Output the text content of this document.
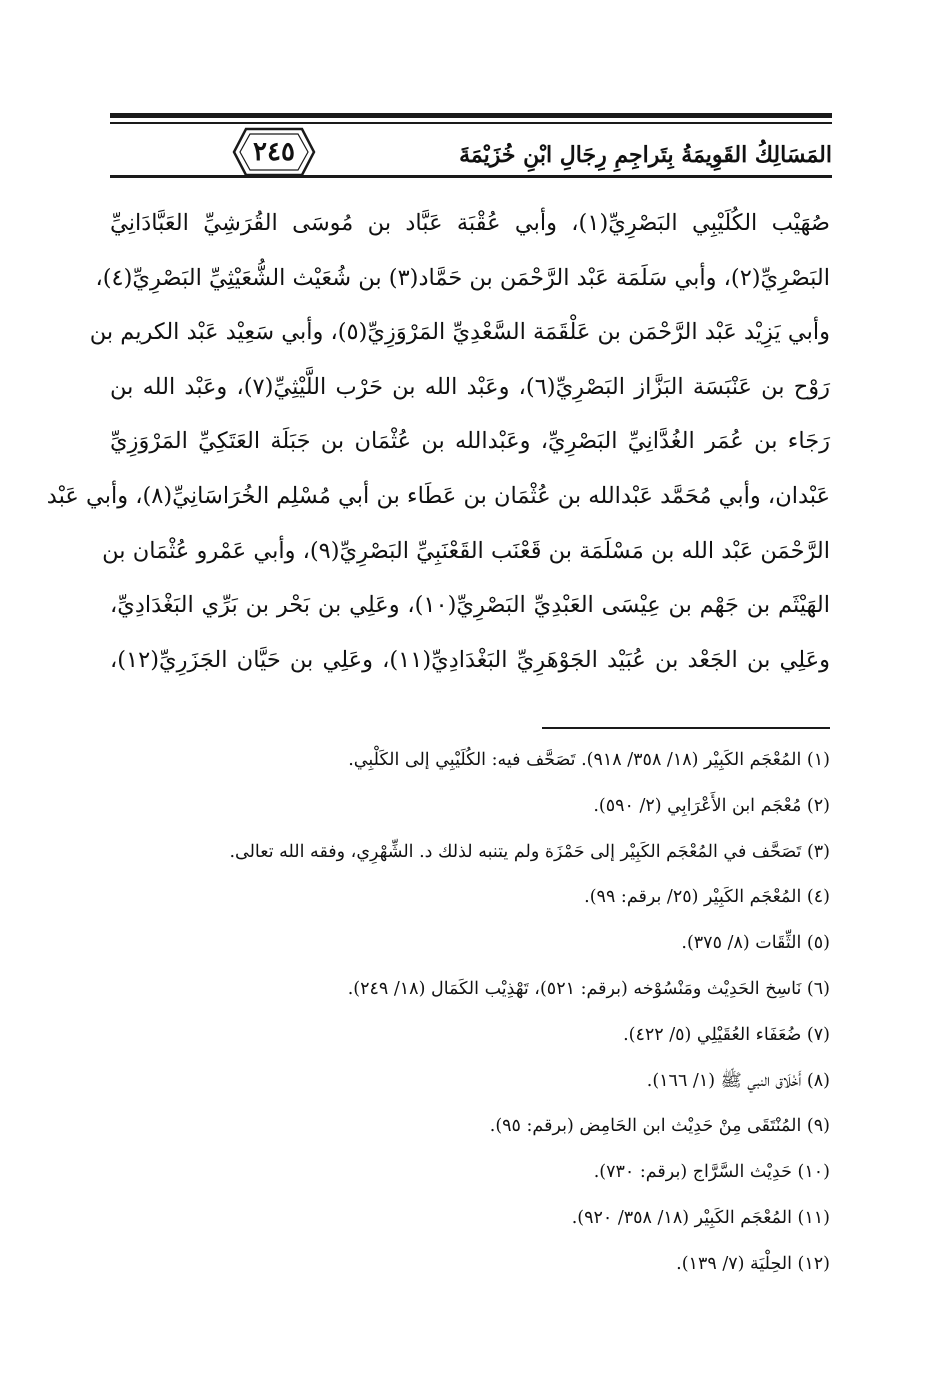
٢٤٥	المَسَالِكُ القَوِيمَةُ بِتَراجِمِ رِجَالِ ابْنِ خُزَيْمَةَ
صُهَيْب الكُلَيْبِي البَصْرِيِّ(١)، وأبي عُقْبَة عَبَّاد بن مُوسَى القُرَشِيِّ العَبَّادَانِيِّ
البَصْرِيِّ(٢)، وأبي سَلَمَة عَبْد الرَّحْمَن بن حَمَّاد(٣) بن شُعَيْث الشُّعَيْثِيِّ البَصْرِيِّ(٤)،
وأبي يَزِيْد عَبْد الرَّحْمَن بن عَلْقَمَة السَّعْدِيِّ المَرْوَزِيِّ(٥)، وأبي سَعِيْد عَبْد الكريم بن
رَوْح بن عَنْبَسَة البَزَّاز البَصْرِيِّ(٦)، وعَبْد الله بن حَرْب اللَّيْثِيِّ(٧)، وعَبْد الله بن
رَجَاء بن عُمَر الغُدَّانِيِّ البَصْرِيِّ، وعَبْدالله بن عُثْمَان بن جَبَلَة العَتَكِيِّ المَرْوَزِيِّ
عَبْدان، وأبي مُحَمَّد عَبْدالله بن عُثْمَان بن عَطَاء بن أبي مُسْلِم الخُرَاسَانِيِّ(٨)، وأبي عَبْد
الرَّحْمَن عَبْد الله بن مَسْلَمَة بن قَعْنَب القَعْنَبِيِّ البَصْرِيِّ(٩)، وأبي عَمْرو عُثْمَان بن
الهَيْثَم بن جَهْم بن عِيْسَى العَبْدِيِّ البَصْرِيِّ(١٠)، وعَلِي بن بَحْر بن بَرِّي البَغْدَادِيِّ،
وعَلِي بن الجَعْد بن عُبَيْد الجَوْهَرِيِّ البَغْدَادِيِّ(١١)، وعَلِي بن حَيَّان الجَزَرِيِّ(١٢)،
(١) المُعْجَم الكَبِيْر (١٨/ ٣٥٨/ ٩١٨). تَصَحَّف فيه: الكُلَيْبِي إلى الكَلْبِي.
(٢) مُعْجَم ابن الأَعْرَابِي (٢/ ٥٩٠).
(٣) تَصَحَّف في المُعْجَم الكَبِيْر إلى حَمْزَة ولم يتنبه لذلك د. الشِّهْرِي، وفقه الله تعالى.
(٤) المُعْجَم الكَبِيْر (٢٥/ برقم: ٩٩).
(٥) الثِّقَات (٨/ ٣٧٥).
(٦) نَاسِخ الحَدِيْث ومَنْسُوْخه (برقم: ٥٢١)، تَهْذِيْب الكَمَال (١٨/ ٢٤٩).
(٧) ضُعَفَاء العُقَيْلِي (٥/ ٤٢٢).
(٨) أَخْلَاق النبي ﷺ (١/ ١٦٦).
(٩) المُنْتَقَى مِنْ حَدِيْث ابن الحَامِض (برقم: ٩٥).
(١٠) حَدِيْث السَّرَّاج (برقم: ٧٣٠).
(١١) المُعْجَم الكَبِيْر (١٨/ ٣٥٨/ ٩٢٠).
(١٢) الحِلْيَة (٧/ ١٣٩).
